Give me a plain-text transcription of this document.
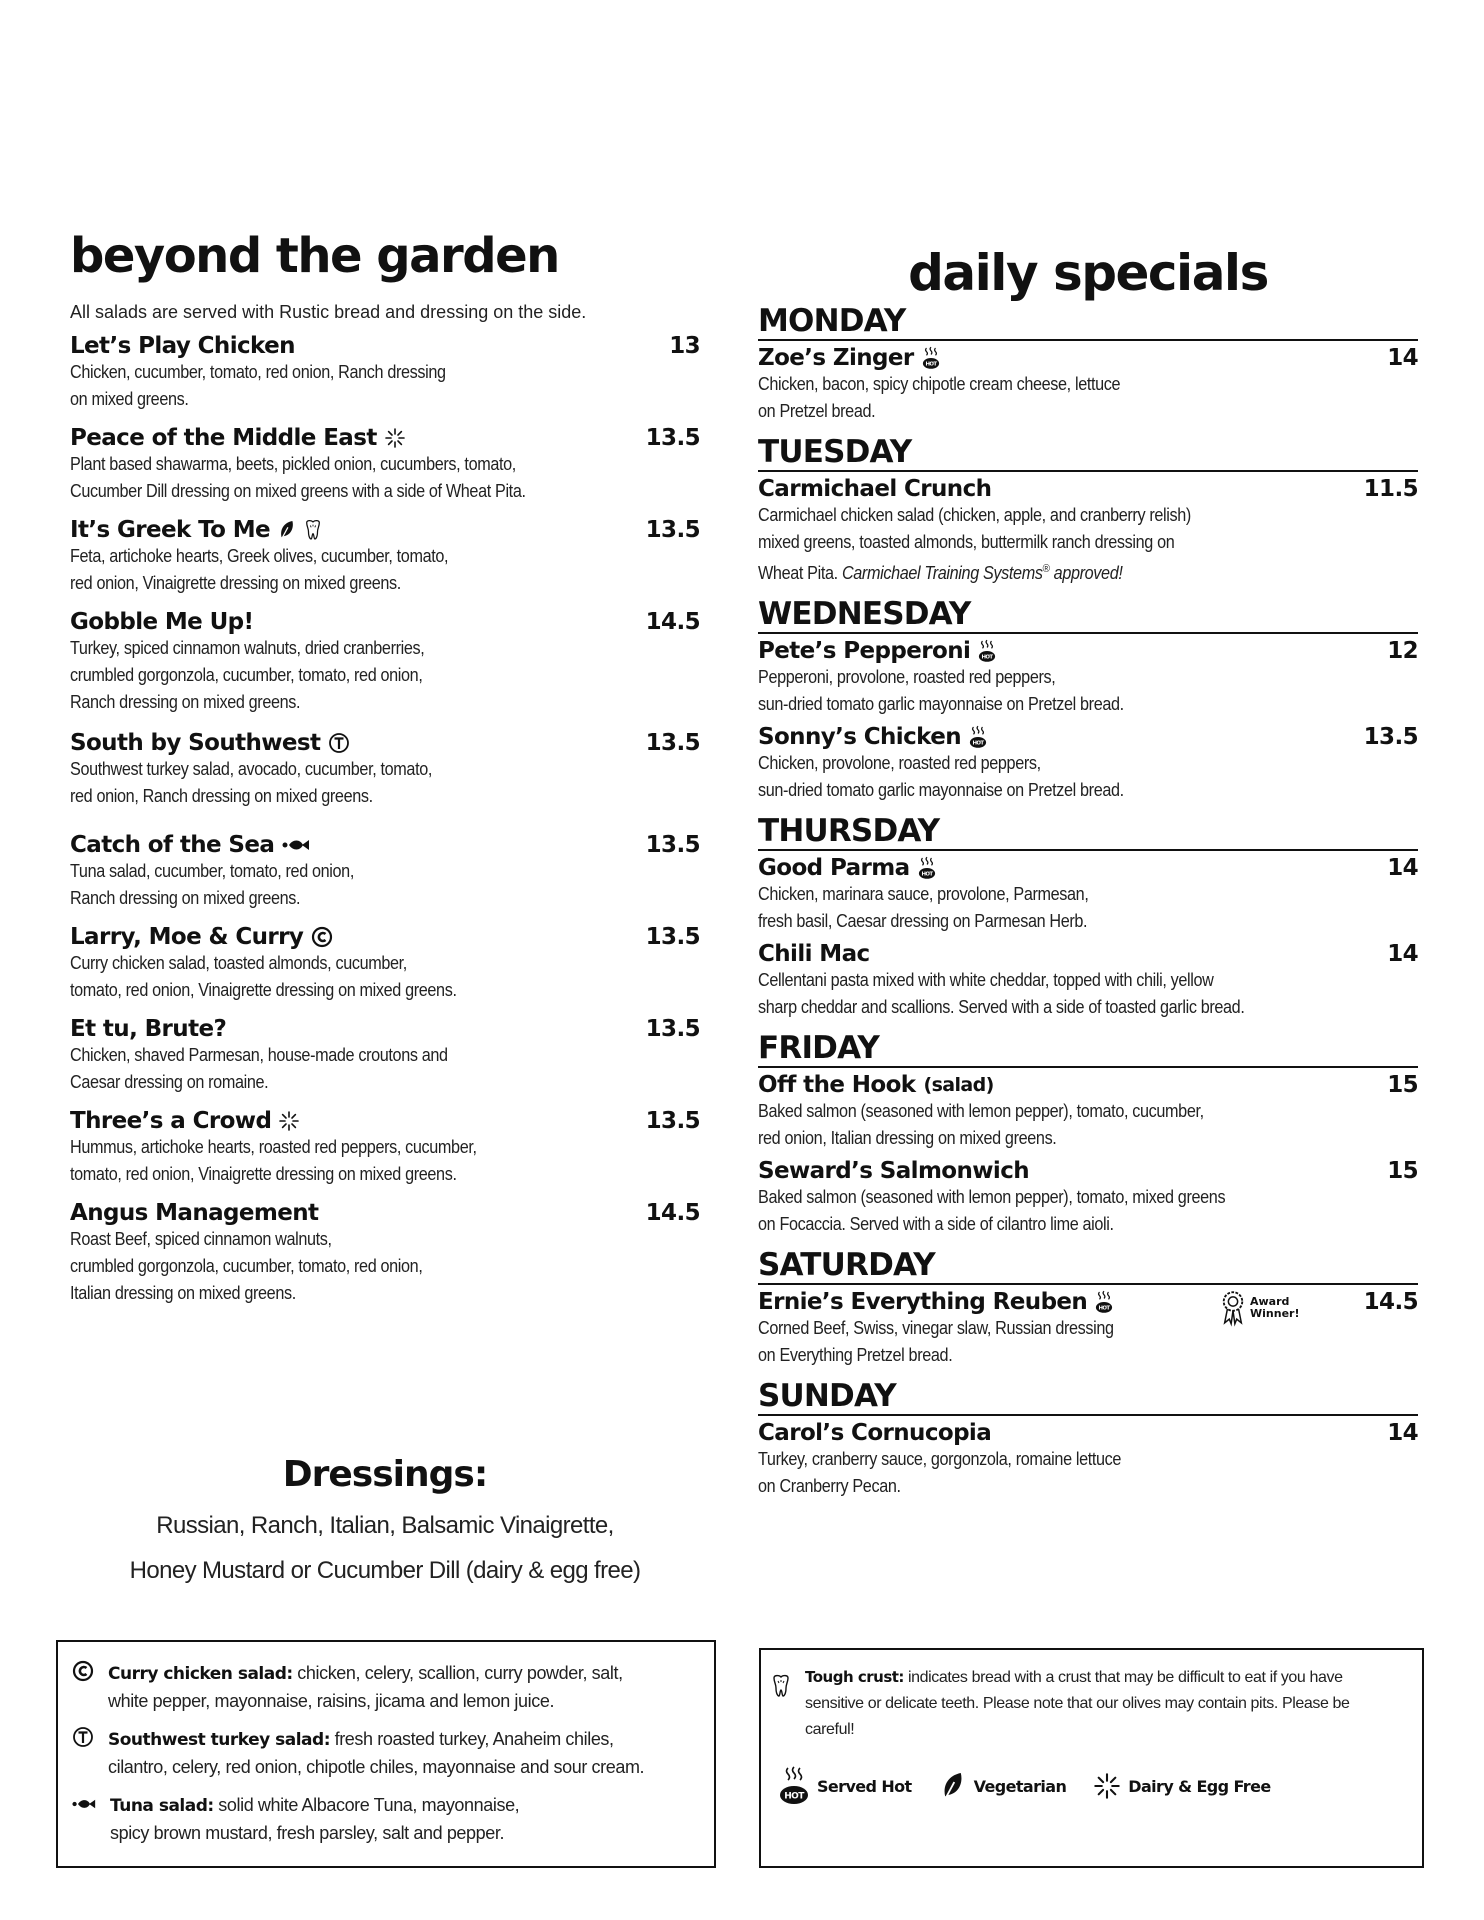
beyond the garden
All salads are served with Rustic bread and dressing on the side.
Let’s Play Chicken	13
Chicken, cucumber, tomato, red onion, Ranch dressing
on mixed greens.
Peace of the Middle East	13.5
Plant based shawarma, beets, pickled onion, cucumbers, tomato,
Cucumber Dill dressing on mixed greens with a side of Wheat Pita.
It’s Greek To Me	13.5
Feta, artichoke hearts, Greek olives, cucumber, tomato,
red onion, Vinaigrette dressing on mixed greens.
Gobble Me Up!	14.5
Turkey, spiced cinnamon walnuts, dried cranberries,
crumbled gorgonzola, cucumber, tomato, red onion,
Ranch dressing on mixed greens.
South by Southwest	13.5
Southwest turkey salad, avocado, cucumber, tomato,
red onion, Ranch dressing on mixed greens.
Catch of the Sea	13.5
Tuna salad, cucumber, tomato, red onion,
Ranch dressing on mixed greens.
Larry, Moe & Curry	13.5
Curry chicken salad, toasted almonds, cucumber,
tomato, red onion, Vinaigrette dressing on mixed greens.
Et tu, Brute?	13.5
Chicken, shaved Parmesan, house-made croutons and
Caesar dressing on romaine.
Three’s a Crowd	13.5
Hummus, artichoke hearts, roasted red peppers, cucumber,
tomato, red onion, Vinaigrette dressing on mixed greens.
Angus Management	14.5
Roast Beef, spiced cinnamon walnuts,
crumbled gorgonzola, cucumber, tomato, red onion,
Italian dressing on mixed greens.
Dressings:

Russian, Ranch, Italian, Balsamic Vinaigrette,

Honey Mustard or Cucumber Dill (dairy & egg free)

daily specials
MONDAY
Zoe’s Zinger	14
Chicken, bacon, spicy chipotle cream cheese, lettuce
on Pretzel bread.
TUESDAY
Carmichael Crunch	11.5
Carmichael chicken salad (chicken, apple, and cranberry relish)
mixed greens, toasted almonds, buttermilk ranch dressing on
Wheat Pita. Carmichael Training Systems® approved!
WEDNESDAY
Pete’s Pepperoni	12
Pepperoni, provolone, roasted red peppers,
sun-dried tomato garlic mayonnaise on Pretzel bread.
Sonny’s Chicken	13.5
Chicken, provolone, roasted red peppers,
sun-dried tomato garlic mayonnaise on Pretzel bread.
THURSDAY
Good Parma	14
Chicken, marinara sauce, provolone, Parmesan,
fresh basil, Caesar dressing on Parmesan Herb.
Chili Mac	14
Cellentani pasta mixed with white cheddar, topped with chili, yellow
sharp cheddar and scallions. Served with a side of toasted garlic bread.
FRIDAY
Off the Hook (salad)	15
Baked salmon (seasoned with lemon pepper), tomato, cucumber,
red onion, Italian dressing on mixed greens.
Seward’s Salmonwich	15
Baked salmon (seasoned with lemon pepper), tomato, mixed greens
on Focaccia. Served with a side of cilantro lime aioli.
SATURDAY
Ernie’s Everything Reuben	14.5
Award
Winner!
Corned Beef, Swiss, vinegar slaw, Russian dressing
on Everything Pretzel bread.
SUNDAY
Carol’s Cornucopia	14
Turkey, cranberry sauce, gorgonzola, romaine lettuce
on Cranberry Pecan.
Curry chicken salad: chicken, celery, scallion, curry powder, salt,
white pepper, mayonnaise, raisins, jicama and lemon juice.
Southwest turkey salad: fresh roasted turkey, Anaheim chiles,
cilantro, celery, red onion, chipotle chiles, mayonnaise and sour cream.
Tuna salad: solid white Albacore Tuna, mayonnaise,
spicy brown mustard, fresh parsley, salt and pepper.
Tough crust: indicates bread with a crust that may be difficult to eat if you have
sensitive or delicate teeth. Please note that our olives may contain pits. Please be
careful!
HOT
Served Hot	Vegetarian	Dairy & Egg Free
